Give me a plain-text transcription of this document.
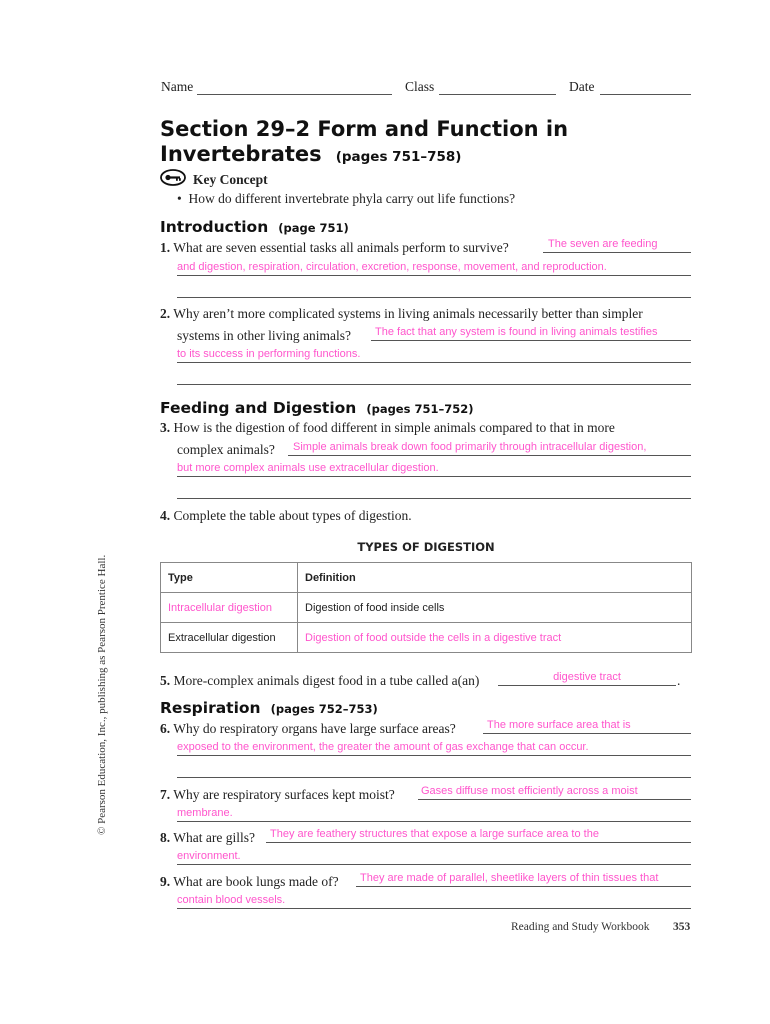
Name	Class	Date
Section 29–2 Form and Function in
Invertebrates (pages 751–758)
Key Concept
•  How do different invertebrate phyla carry out life functions?
Introduction (page 751)
1. What are seven essential tasks all animals perform to survive?	The seven are feeding
and digestion, respiration, circulation, excretion, response, movement, and reproduction.
2. Why aren’t more complicated systems in living animals necessarily better than simpler
systems in other living animals? The fact that any system is found in living animals testifies
to its success in performing functions.
Feeding and Digestion (pages 751–752)
3. How is the digestion of food different in simple animals compared to that in more
complex animals? Simple animals break down food primarily through intracellular digestion,
but more complex animals use extracellular digestion.
4. Complete the table about types of digestion.
TYPES OF DIGESTION
Type	Definition
Intracellular digestion	Digestion of food inside cells
Extracellular digestion	Digestion of food outside the cells in a digestive tract
5. More-complex animals digest food in a tube called a(an)	digestive tract	.
Respiration (pages 752–753)
6. Why do respiratory organs have large surface areas?	The more surface area that is
exposed to the environment, the greater the amount of gas exchange that can occur.
7. Why are respiratory surfaces kept moist? Gases diffuse most efficiently across a moist
membrane.
8. What are gills? They are feathery structures that expose a large surface area to the
environment.
9. What are book lungs made of? They are made of parallel, sheetlike layers of thin tissues that
contain blood vessels.
© Pearson Education, Inc., publishing as Pearson Prentice Hall.
Reading and Study Workbook 353
